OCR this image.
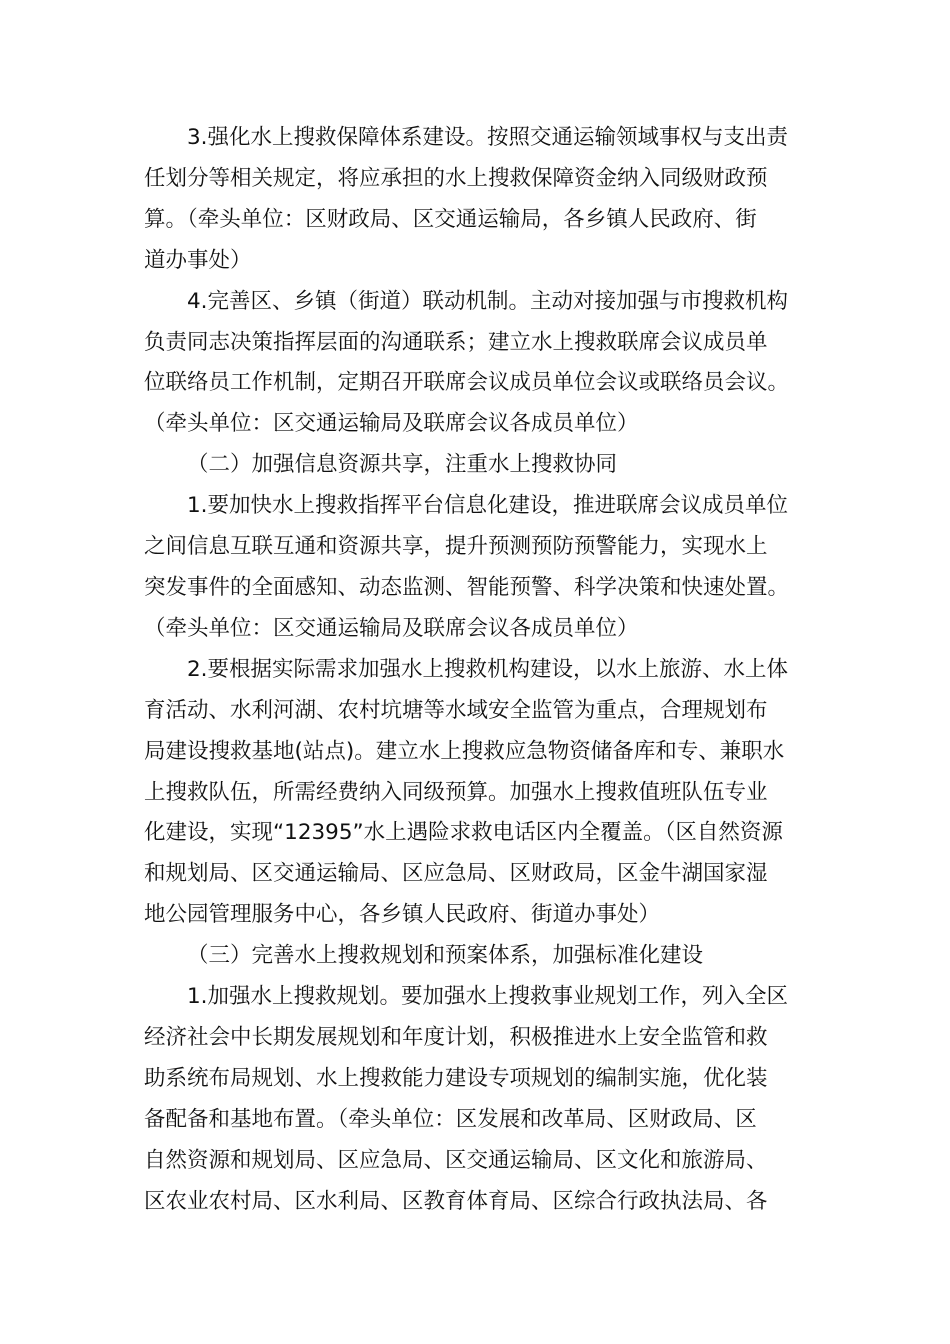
3.强化水上搜救保障体系建设。按照交通运输领域事权与支出责
任划分等相关规定，将应承担的水上搜救保障资金纳入同级财政预
算。（牵头单位：区财政局、区交通运输局，各乡镇人民政府、街
道办事处）
4.完善区、乡镇（街道）联动机制。主动对接加强与市搜救机构
负责同志决策指挥层面的沟通联系；建立水上搜救联席会议成员单
位联络员工作机制，定期召开联席会议成员单位会议或联络员会议。
（牵头单位：区交通运输局及联席会议各成员单位）
（二）加强信息资源共享，注重水上搜救协同
1.要加快水上搜救指挥平台信息化建设，推进联席会议成员单位
之间信息互联互通和资源共享，提升预测预防预警能力，实现水上
突发事件的全面感知、动态监测、智能预警、科学决策和快速处置。
（牵头单位：区交通运输局及联席会议各成员单位）
2.要根据实际需求加强水上搜救机构建设，以水上旅游、水上体
育活动、水利河湖、农村坑塘等水域安全监管为重点，合理规划布
局建设搜救基地(站点)。建立水上搜救应急物资储备库和专、兼职水
上搜救队伍，所需经费纳入同级预算。加强水上搜救值班队伍专业
化建设，实现“12395”水上遇险求救电话区内全覆盖。（区自然资源
和规划局、区交通运输局、区应急局、区财政局，区金牛湖国家湿
地公园管理服务中心，各乡镇人民政府、街道办事处）
（三）完善水上搜救规划和预案体系，加强标准化建设
1.加强水上搜救规划。要加强水上搜救事业规划工作，列入全区
经济社会中长期发展规划和年度计划，积极推进水上安全监管和救
助系统布局规划、水上搜救能力建设专项规划的编制实施，优化装
备配备和基地布置。（牵头单位：区发展和改革局、区财政局、区
自然资源和规划局、区应急局、区交通运输局、区文化和旅游局、
区农业农村局、区水利局、区教育体育局、区综合行政执法局、各
